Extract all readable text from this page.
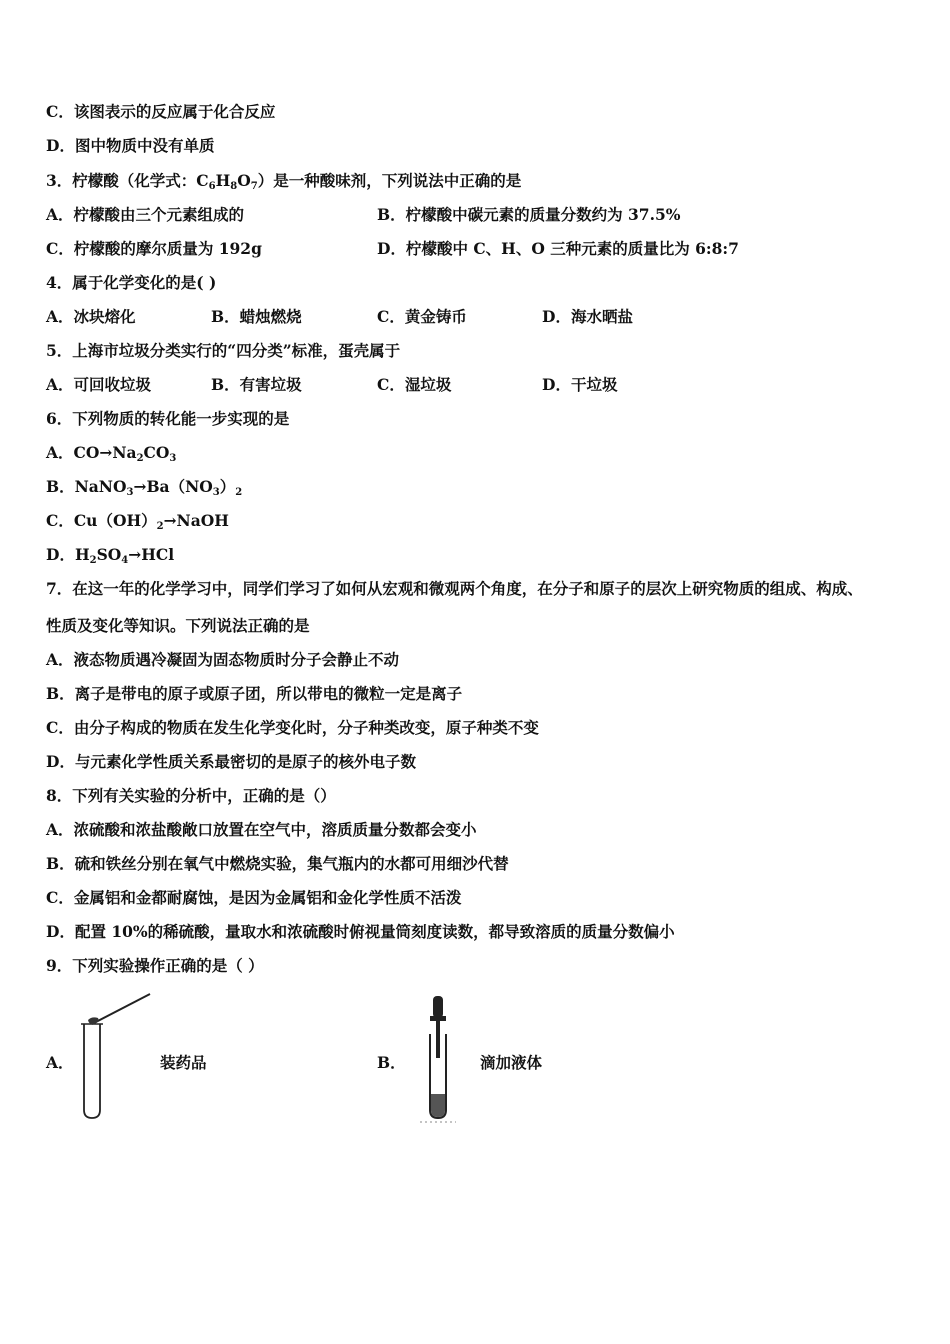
C．该图表示的反应属于化合反应
D．图中物质中没有单质
3．柠檬酸（化学式：$C_6H_8O_7$）是一种酸味剂，下列说法中正确的是
A．柠檬酸由三个元素组成的	B．柠檬酸中碳元素的质量分数约为 37.5%
C．柠檬酸的摩尔质量为 192g	D．柠檬酸中 C、H、O 三种元素的质量比为 6:8:7
4．属于化学变化的是( )
A．冰块熔化	B．蜡烛燃烧	C．黄金铸币	D．海水晒盐
5．上海市垃圾分类实行的“四分类”标准，蛋壳属于
A．可回收垃圾	B．有害垃圾	C．湿垃圾	D．干垃圾
6．下列物质的转化能一步实现的是
A．$CO\to Na_2CO_3$
B．$NaNO_3\to Ba(NO_3)_2$
C．$Cu(OH)_2\to NaOH$
D．$H_2SO_4\to HCl$
7．在这一年的化学学习中，同学们学习了如何从宏观和微观两个角度，在分子和原子的层次上研究物质的组成、构成、
性质及变化等知识。下列说法正确的是
A．液态物质遇冷凝固为固态物质时分子会静止不动
B．离子是带电的原子或原子团，所以带电的微粒一定是离子
C．由分子构成的物质在发生化学变化时，分子种类改变，原子种类不变
D．与元素化学性质关系最密切的是原子的核外电子数
8．下列有关实验的分析中，正确的是（）
A．浓硫酸和浓盐酸敞口放置在空气中，溶质质量分数都会变小
B．硫和铁丝分别在氧气中燃烧实验，集气瓶内的水都可用细沙代替
C．金属铝和金都耐腐蚀，是因为金属铝和金化学性质不活泼
D．配置 10%的稀硫酸，量取水和浓硫酸时俯视量筒刻度读数，都导致溶质的质量分数偏小
9．下列实验操作正确的是（ ）
A．	装药品	B．	滴加液体
